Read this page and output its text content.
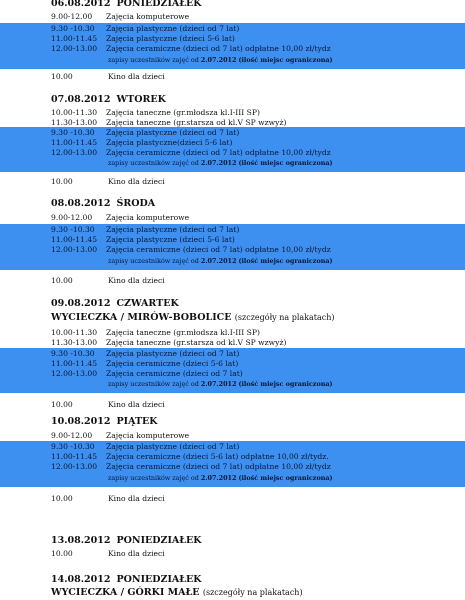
06.08.2012 PONIEDZIAŁEK
9.00-12.00 Zajęcia komputerowe
9.30 -10.30 Zajęcia plastyczne (dzieci od 7 lat)
11.00-11.45 Zajęcia plastyczne (dzieci 5-6 lat)
12.00-13.00 Zajęcia ceramiczne (dzieci od 7 lat) odpłatne 10,00 zł/tydz
zapisy uczestników zajęć od 2.07.2012 (ilość miejsc ograniczona)
10.00	Kino dla dzieci
07.08.2012 WTOREK
10.00-11.30 Zajęcia taneczne (gr.młodsza kl.I-III SP)
11.30-13.00 Zajęcia taneczne (gr.starsza od kl.V SP wzwyż)
9.30 -10.30 Zajęcia plastyczne (dzieci od 7 lat)
11.00-11.45 Zajęcia plastyczne(dzieci 5-6 lat)
12.00-13.00 Zajęcia ceramiczne (dzieci od 7 lat) odpłatne 10,00 zł/tydz
zapisy uczestników zajęć od 2.07.2012 (ilość miejsc ograniczona)
10.00	Kino dla dzieci
08.08.2012 ŚRODA
9.00-12.00 Zajęcia komputerowe
9.30 -10.30 Zajęcia plastyczne (dzieci od 7 lat)
11.00-11.45 Zajęcia plastyczne (dzieci 5-6 lat)
12.00-13.00 Zajęcia ceramiczne (dzieci od 7 lat) odpłatne 10,00 zł/tydz
zapisy uczestników zajęć od 2.07.2012 (ilość miejsc ograniczona)
10.00	Kino dla dzieci
09.08.2012 CZWARTEK
WYCIECZKA / MIRÓW-BOBOLICE (szczegóły na plakatach)
10.00-11.30 Zajęcia taneczne (gr.młodsza kl.I-III SP)
11.30-13.00 Zajęcia taneczne (gr.starsza od kl.V SP wzwyż)
9.30 -10.30 Zajęcia plastyczne (dzieci od 7 lat)
11.00-11.45 Zajęcia ceramiczne (dzieci 5-6 lat)
12.00-13.00 Zajęcia ceramiczne (dzieci od 7 lat)
zapisy uczestników zajęć od 2.07.2012 (ilość miejsc ograniczona)
10.00	Kino dla dzieci
10.08.2012 PIĄTEK
9.00-12.00 Zajęcia komputerowe
9.30 -10.30 Zajęcia plastyczne (dzieci od 7 lat)
11.00-11.45 Zajęcia ceramiczne (dzieci 5-6 lat) odpłatne 10,00 zł/tydz.
12.00-13.00 Zajęcia ceramiczne (dzieci od 7 lat) odpłatne 10,00 zł/tydz
zapisy uczestników zajęć od 2.07.2012 (ilość miejsc ograniczona)
10.00	Kino dla dzieci
13.08.2012 PONIEDZIAŁEK
10.00	Kino dla dzieci
14.08.2012 PONIEDZIAŁEK
WYCIECZKA / GÓRKI MAŁE (szczegóły na plakatach)
